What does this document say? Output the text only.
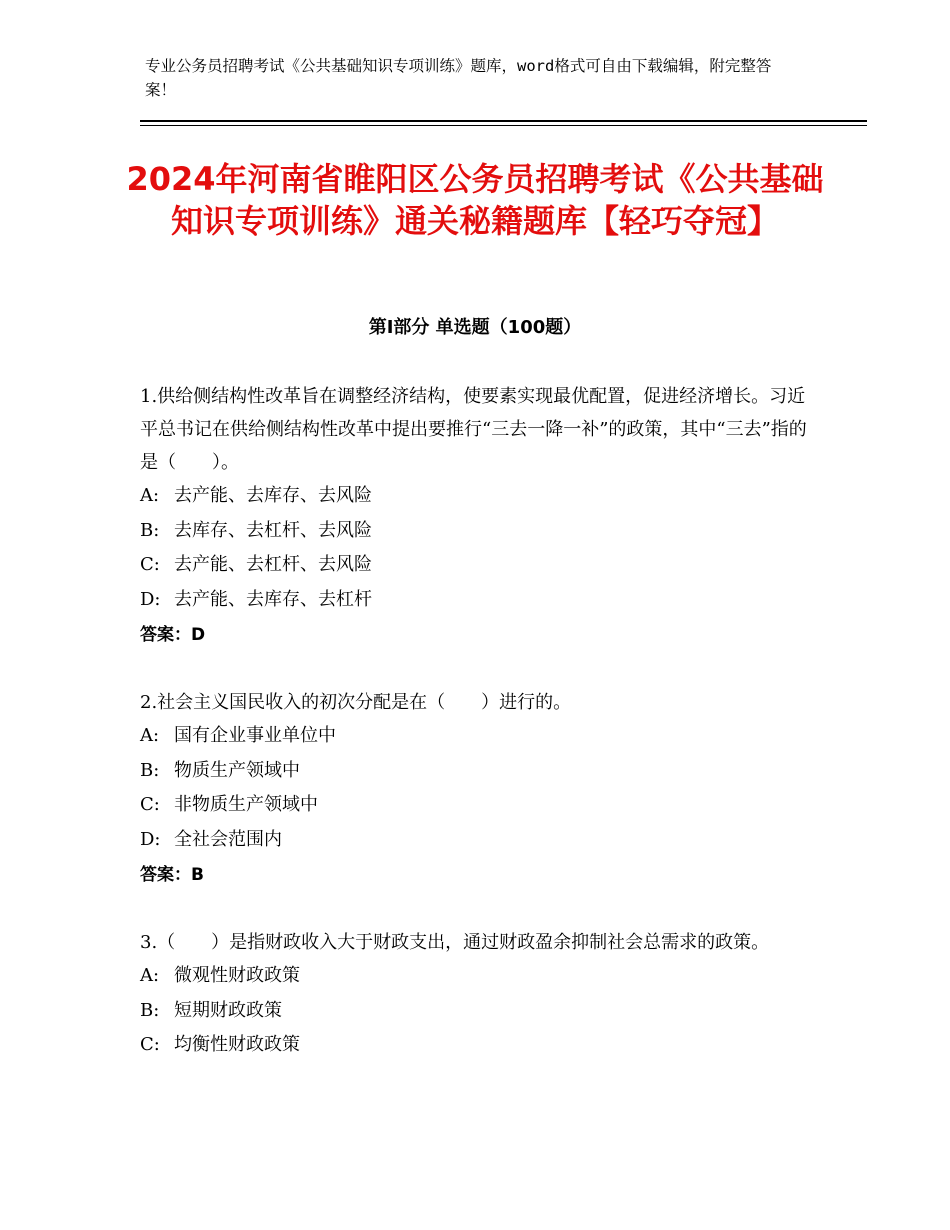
专业公务员招聘考试《公共基础知识专项训练》题库，word格式可自由下载编辑，附完整答案！
2024年河南省睢阳区公务员招聘考试《公共基础知识专项训练》通关秘籍题库【轻巧夺冠】
第Ⅰ部分 单选题（100题）

1.供给侧结构性改革旨在调整经济结构，使要素实现最优配置，促进经济增长。习近平总书记在供给侧结构性改革中提出要推行“三去一降一补”的政策，其中“三去”指的是（　　）。

A: 去产能、去库存、去风险

B: 去库存、去杠杆、去风险

C: 去产能、去杠杆、去风险

D: 去产能、去库存、去杠杆

答案：D

2.社会主义国民收入的初次分配是在（　　）进行的。

A: 国有企业事业单位中

B: 物质生产领域中

C: 非物质生产领域中

D: 全社会范围内

答案：B

3.（　　）是指财政收入大于财政支出，通过财政盈余抑制社会总需求的政策。

A: 微观性财政政策

B: 短期财政政策

C: 均衡性财政政策
